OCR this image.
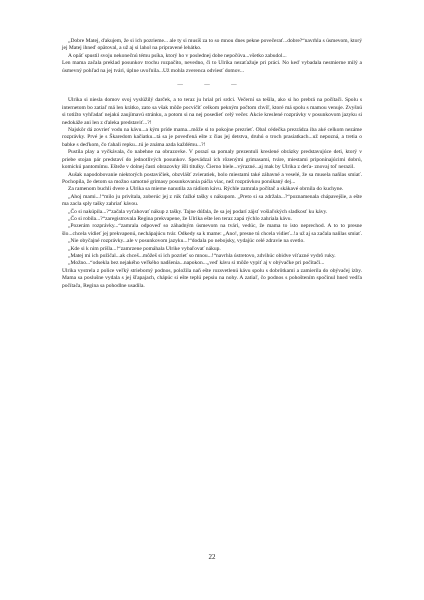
„Dobre Matej, ďakujem, že si ich pozrieme... ale ty si musíš za to so mnou dnes pekne povečerať...dobre?“navrhla s úsmevom, ktorý jej Matej ihneď opätoval, a už aj si lahol na pripravené lehátko.

A opäť spustil svoju nekonečnú tému psíka, ktorý ho v poslednej dobe nepočúva...všetko zabudol...

Len mama začala preklad posunkov trochu rozpačito, nevedno, či to Ulrika nezaťažuje pri práci. No keď vybadala nesmierne milý a úsmevný pohľad na jej tvári, úplne uvoľnila...Už mohla zverenca odviesť domov...

— — —

Ulrika si niesla domov svoj vyslúžilý darček, a to teraz ju hrial pri srdci. Večerní sa tešila, ako si ho prebrá na počítači. Spolu s internetom bo zatiaľ má len krátko, zato sa však môže pocvičiť celkom pekným počtom chvíľ, ktoré má spolu s mamou venuje. Zvyšnú si totižto vyhľadať nejakú zaujímavú stránku, a potom si na nej posedieť celý večer. Akcie kreslené rozprávky v posunkovom jazyku si nedokáže ani len z ďaleka predstaviť...?!

Najskôr dá zovrieť vodu na kávu...a kým príde mama...môže si to pokojne prezrieť. Obal cédečka prezrádza iba aké celkom nezáme rozprávky. Prvé je s Škaredom kačiatku...tá sa je poveďená ešte z čias jej detstva, druhú o troch prasiatkach...už nepozná, a tretia o babke s deďkom, čo ťahali repku...tú je známa azda každému...?!

Pustila play a vyčkávala, čo nabehne na obrazovke. V porazí sa pomaly prezentuli kreslené obrázky predstavujúce deti, ktorý v priebe stojan pár predstaví do jednotlivých posunkov. Spevádzal ich rôzenými grimasami, tváre, miestami priponínajúcimi dobrú, komickú pantomímu. Ešteže v dolnej časti obrazovky išli titulky. Čierno biele...výrazné...aj mak by Ulrika z deťa- znovaj toľ nerazil.

Aušak napodobovanie niektorých postavičiek, obzvlášť zvieratiek, bolo miestami také zábavné a veselé, že sa musela naňlas smiať. Pochopila, že detom sa možno samotné grimasy posunkovania páčia viac, než rozprávkou ponúkaný dej...

Za ramenom buchli dvere a Ulrika sa mierne nanutila za rádiom kávu. Rýchle zamrala počítač a skákavé obrnila do kuchyne.

„Ahoj mami...!“milo ju privítala, zoberúc jej z rúk ťažké tašky s nákupom. „Preto si sa zdržala...?“poznamenala chápavejšie, a ešte ma zacla sply tašky zahriať kávou.

„Čo si nakúpila...?“začala vyťahovať nákup z tašky. Tajne dúfala, že sa jej podarí zájsť vošiaľských sladkosť ku kávy.

„Čo si robila...?“zaregistrovala Regina prekvapene, že Ulrika ešte len teraz zapá rýchlo zahriala kávu.

„Pozerám rozprávky...“zamrala odpoveď so záhadným úsmevom na tvári, vedúc, že mama to isto neprechod. A to to presne šlo...chcela vidieť jej prekvapenú, nechápajúcu tvár. Odkedy sa k mame: „Ano!, presne tú chcela vidieť...!a už aj sa začala naňlas smiať.

„Nie obyčajné rozprávky...ale v posunkovom jazyku...!“dodala po nebojsky, vydajúc celé zdravie na svetlo.

„Kde si k nim prišla...!“zamrzene pomáhala Ulrike vybaľovať nákup.

„Matej mi ich požičal...ak chceš...môžeš si ich pozrieť so mnou...!“navrhla ústretovo, zdvihúc obidve víťazné vydrô ruky.

„Možno...“odsekla bez nejakého veľkého nadšenia...napokon...„veď kávu si môže vypiť aj v obývačke pri počítači...

Ulrika vystrela z police veľký strieborný podnos, položila naň ešte rozsvetlenú kávu spolu s dobrôtkami a zamierila do obývačej izby. Mama sa poslušne vydala s jej šľapajach, chápúc si ešte teplú pepsiu na nohy. A zatiaľ, čo podnos s pohoštením spočinul hned vedľa počítača, Regina sa pohodlne usadila.

22
